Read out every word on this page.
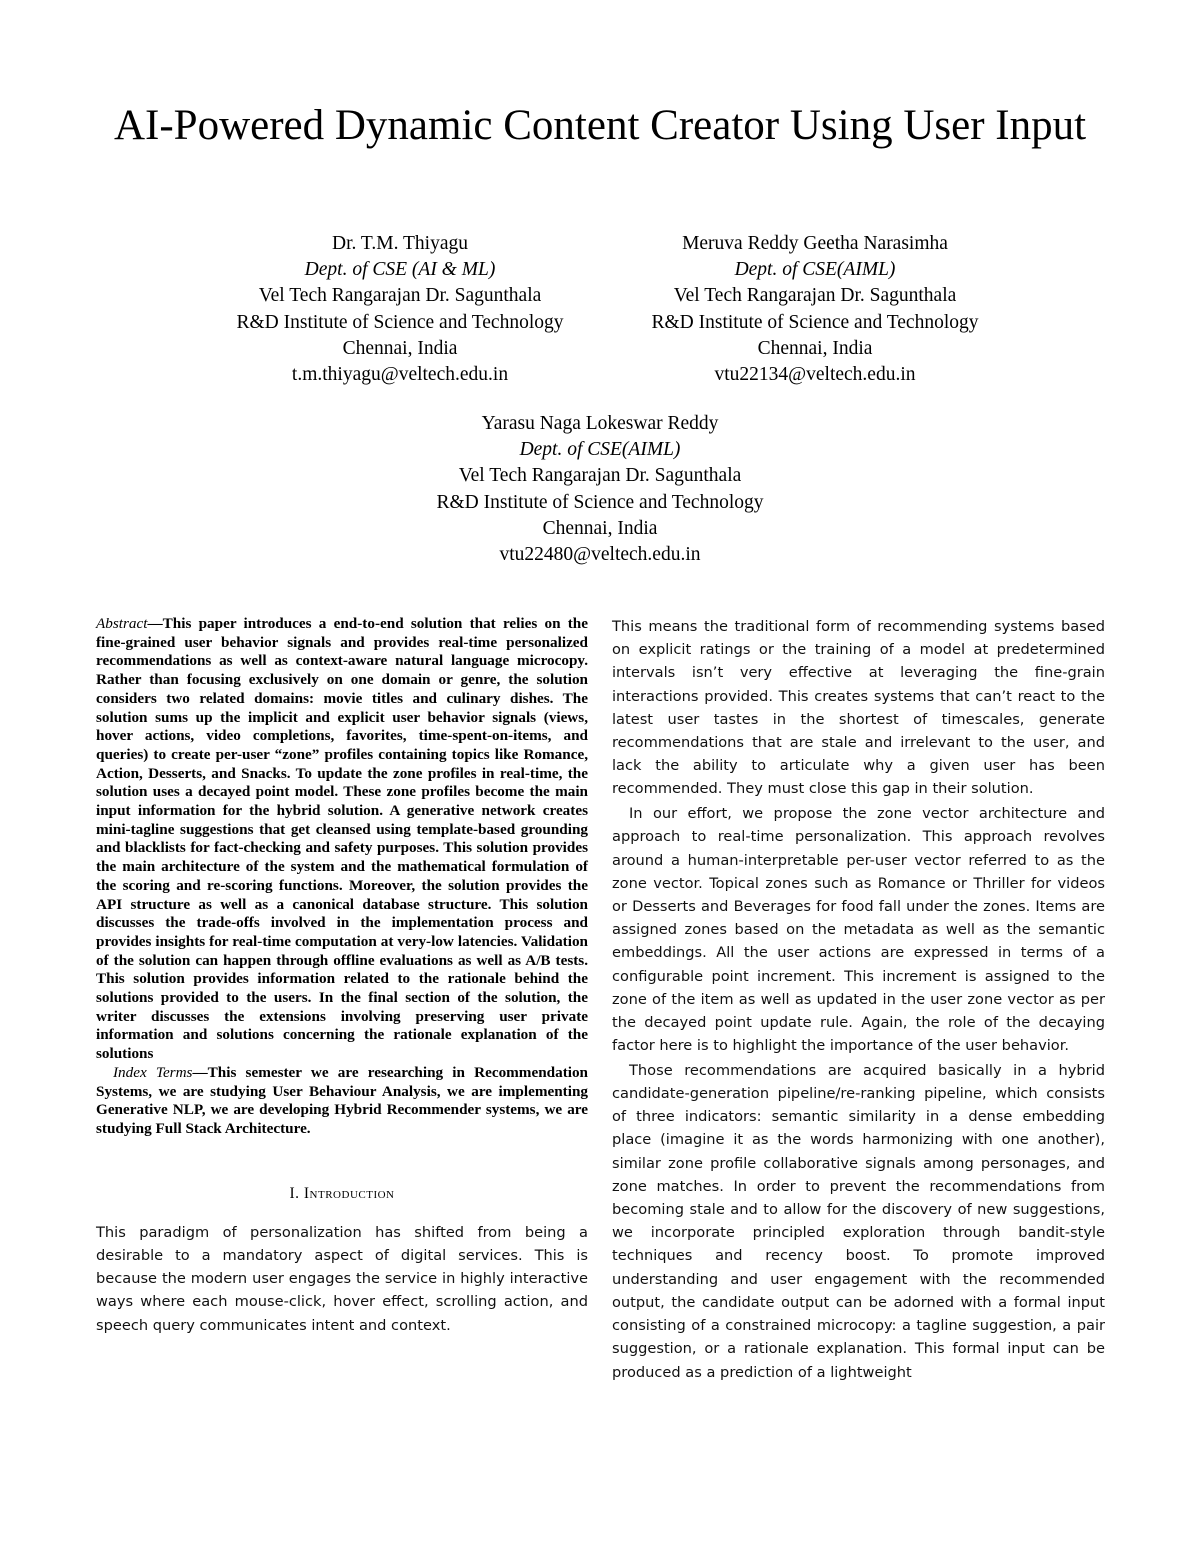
AI-Powered Dynamic Content Creator Using User Input
Dr. T.M. Thiyagu
Dept. of CSE (AI & ML)
Vel Tech Rangarajan Dr. Sagunthala
R&D Institute of Science and Technology
Chennai, India
t.m.thiyagu@veltech.edu.in
Meruva Reddy Geetha Narasimha
Dept. of CSE(AIML)
Vel Tech Rangarajan Dr. Sagunthala
R&D Institute of Science and Technology
Chennai, India
vtu22134@veltech.edu.in
Yarasu Naga Lokeswar Reddy
Dept. of CSE(AIML)
Vel Tech Rangarajan Dr. Sagunthala
R&D Institute of Science and Technology
Chennai, India
vtu22480@veltech.edu.in

Abstract—This paper introduces a end-to-end solution that relies on the fine-grained user behavior signals and provides real-time personalized recommendations as well as context-aware natural language microcopy. Rather than focusing exclusively on one domain or genre, the solution considers two related domains: movie titles and culinary dishes. The solution sums up the implicit and explicit user behavior signals (views, hover actions, video completions, favorites, time-spent-on-items, and queries) to create per-user “zone” profiles containing topics like Romance, Action, Desserts, and Snacks. To update the zone profiles in real-time, the solution uses a decayed point model. These zone profiles become the main input information for the hybrid solution. A generative network creates mini-tagline suggestions that get cleansed using template-based grounding and blacklists for fact-checking and safety purposes. This solution provides the main architecture of the system and the mathematical formulation of the scoring and re-scoring functions. Moreover, the solution provides the API structure as well as a canonical database structure. This solution discusses the trade-offs involved in the implementation process and provides insights for real-time computation at very-low latencies. Validation of the solution can happen through offline evaluations as well as A/B tests. This solution provides information related to the rationale behind the solutions provided to the users. In the final section of the solution, the writer discusses the extensions involving preserving user private information and solutions concerning the rationale explanation of the solutions

Index Terms—This semester we are researching in Recommendation Systems, we are studying User Behaviour Analysis, we are implementing Generative NLP, we are developing Hybrid Recommender systems, we are studying Full Stack Architecture.

I. Introduction

This paradigm of personalization has shifted from being a desirable to a mandatory aspect of digital services. This is because the modern user engages the service in highly interactive ways where each mouse-click, hover effect, scrolling action, and speech query communicates intent and context.

This means the traditional form of recommending systems based on explicit ratings or the training of a model at predetermined intervals isn’t very effective at leveraging the fine-grain interactions provided. This creates systems that can’t react to the latest user tastes in the shortest of timescales, generate recommendations that are stale and irrelevant to the user, and lack the ability to articulate why a given user has been recommended. They must close this gap in their solution.

In our effort, we propose the zone vector architecture and approach to real-time personalization. This approach revolves around a human-interpretable per-user vector referred to as the zone vector. Topical zones such as Romance or Thriller for videos or Desserts and Beverages for food fall under the zones. Items are assigned zones based on the metadata as well as the semantic embeddings. All the user actions are expressed in terms of a configurable point increment. This increment is assigned to the zone of the item as well as updated in the user zone vector as per the decayed point update rule. Again, the role of the decaying factor here is to highlight the importance of the user behavior.

Those recommendations are acquired basically in a hybrid candidate-generation pipeline/re-ranking pipeline, which consists of three indicators: semantic similarity in a dense embedding place (imagine it as the words harmonizing with one another), similar zone profile collaborative signals among personages, and zone matches. In order to prevent the recommendations from becoming stale and to allow for the discovery of new suggestions, we incorporate principled exploration through bandit-style techniques and recency boost. To promote improved understanding and user engagement with the recommended output, the candidate output can be adorned with a formal input consisting of a constrained microcopy: a tagline suggestion, a pair suggestion, or a rationale explanation. This formal input can be produced as a prediction of a lightweight
